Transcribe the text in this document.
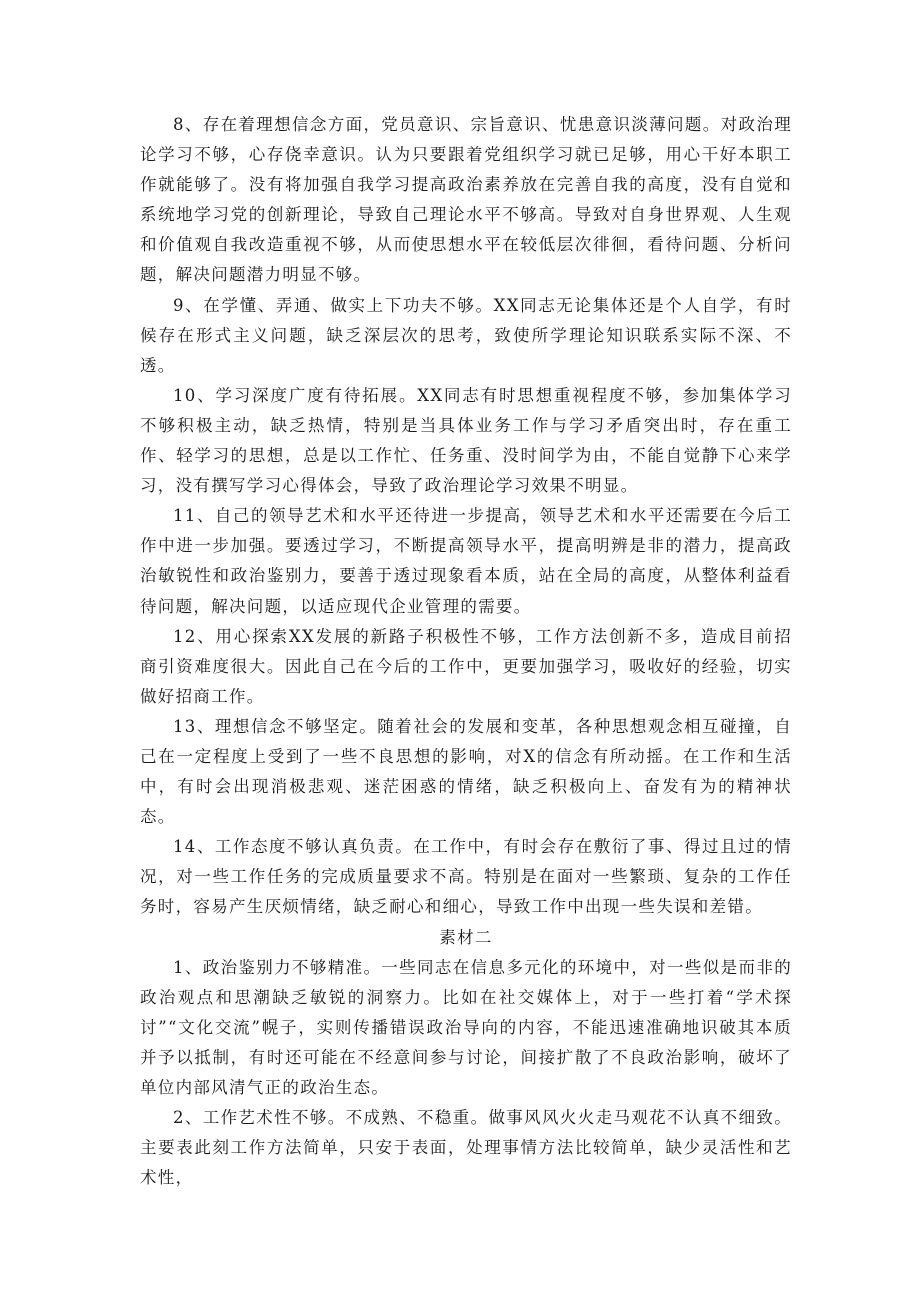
8、存在着理想信念方面，党员意识、宗旨意识、忧患意识淡薄问题。对政治理论学习不够，心存侥幸意识。认为只要跟着党组织学习就已足够，用心干好本职工作就能够了。没有将加强自我学习提高政治素养放在完善自我的高度，没有自觉和系统地学习党的创新理论，导致自己理论水平不够高。导致对自身世界观、人生观和价值观自我改造重视不够，从而使思想水平在较低层次徘徊，看待问题、分析问题，解决问题潜力明显不够。

9、在学懂、弄通、做实上下功夫不够。XX同志无论集体还是个人自学，有时候存在形式主义问题，缺乏深层次的思考，致使所学理论知识联系实际不深、不透。

10、学习深度广度有待拓展。XX同志有时思想重视程度不够，参加集体学习不够积极主动，缺乏热情，特别是当具体业务工作与学习矛盾突出时，存在重工作、轻学习的思想，总是以工作忙、任务重、没时间学为由，不能自觉静下心来学习，没有撰写学习心得体会，导致了政治理论学习效果不明显。

11、自己的领导艺术和水平还待进一步提高，领导艺术和水平还需要在今后工作中进一步加强。要透过学习，不断提高领导水平，提高明辨是非的潜力，提高政治敏锐性和政治鉴别力，要善于透过现象看本质，站在全局的高度，从整体利益看待问题，解决问题，以适应现代企业管理的需要。

12、用心探索XX发展的新路子积极性不够，工作方法创新不多，造成目前招商引资难度很大。因此自己在今后的工作中，更要加强学习，吸收好的经验，切实做好招商工作。

13、理想信念不够坚定。随着社会的发展和变革，各种思想观念相互碰撞，自己在一定程度上受到了一些不良思想的影响，对X的信念有所动摇。在工作和生活中，有时会出现消极悲观、迷茫困惑的情绪，缺乏积极向上、奋发有为的精神状态。

14、工作态度不够认真负责。在工作中，有时会存在敷衍了事、得过且过的情况，对一些工作任务的完成质量要求不高。特别是在面对一些繁琐、复杂的工作任务时，容易产生厌烦情绪，缺乏耐心和细心，导致工作中出现一些失误和差错。

素材二

1、政治鉴别力不够精准。一些同志在信息多元化的环境中，对一些似是而非的政治观点和思潮缺乏敏锐的洞察力。比如在社交媒体上，对于一些打着“学术探讨”“文化交流”幌子，实则传播错误政治导向的内容，不能迅速准确地识破其本质并予以抵制，有时还可能在不经意间参与讨论，间接扩散了不良政治影响，破坏了单位内部风清气正的政治生态。

2、工作艺术性不够。不成熟、不稳重。做事风风火火走马观花不认真不细致。主要表此刻工作方法简单，只安于表面，处理事情方法比较简单，缺少灵活性和艺术性，
